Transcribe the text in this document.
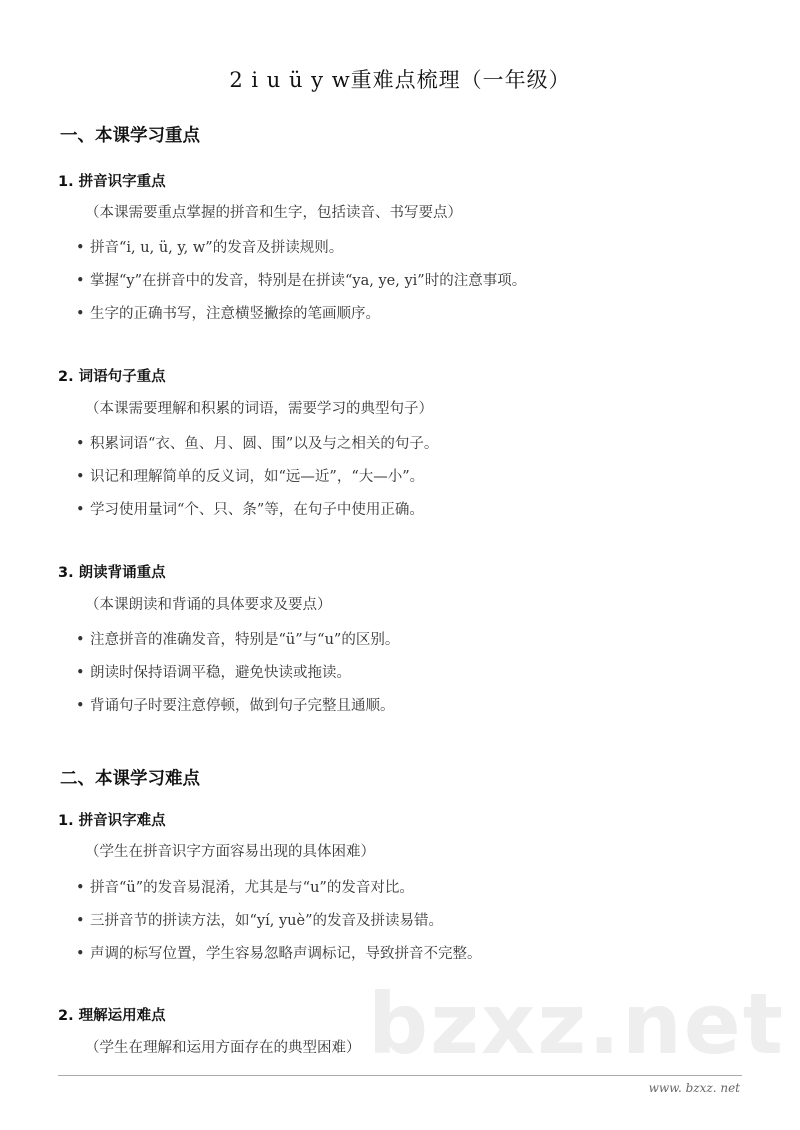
2 i u ü y w重难点梳理（一年级）
一、本课学习重点
1. 拼音识字重点
（本课需要重点掌握的拼音和生字，包括读音、书写要点）
• 拼音“i, u, ü, y, w”的发音及拼读规则。
• 掌握“y”在拼音中的发音，特别是在拼读“ya, ye, yi”时的注意事项。
• 生字的正确书写，注意横竖撇捺的笔画顺序。
2. 词语句子重点
（本课需要理解和积累的词语，需要学习的典型句子）
• 积累词语“衣、鱼、月、圆、围”以及与之相关的句子。
• 识记和理解简单的反义词，如“远—近”，“大—小”。
• 学习使用量词“个、只、条”等，在句子中使用正确。
3. 朗读背诵重点
（本课朗读和背诵的具体要求及要点）
• 注意拼音的准确发音，特别是“ü”与“u”的区别。
• 朗读时保持语调平稳，避免快读或拖读。
• 背诵句子时要注意停顿，做到句子完整且通顺。
二、本课学习难点
1. 拼音识字难点
（学生在拼音识字方面容易出现的具体困难）
• 拼音“ü”的发音易混淆，尤其是与“u”的发音对比。
• 三拼音节的拼读方法，如“yí, yuè”的发音及拼读易错。
• 声调的标写位置，学生容易忽略声调标记，导致拼音不完整。
2. 理解运用难点
（学生在理解和运用方面存在的典型困难） bzxz.net
www. bzxz. net
